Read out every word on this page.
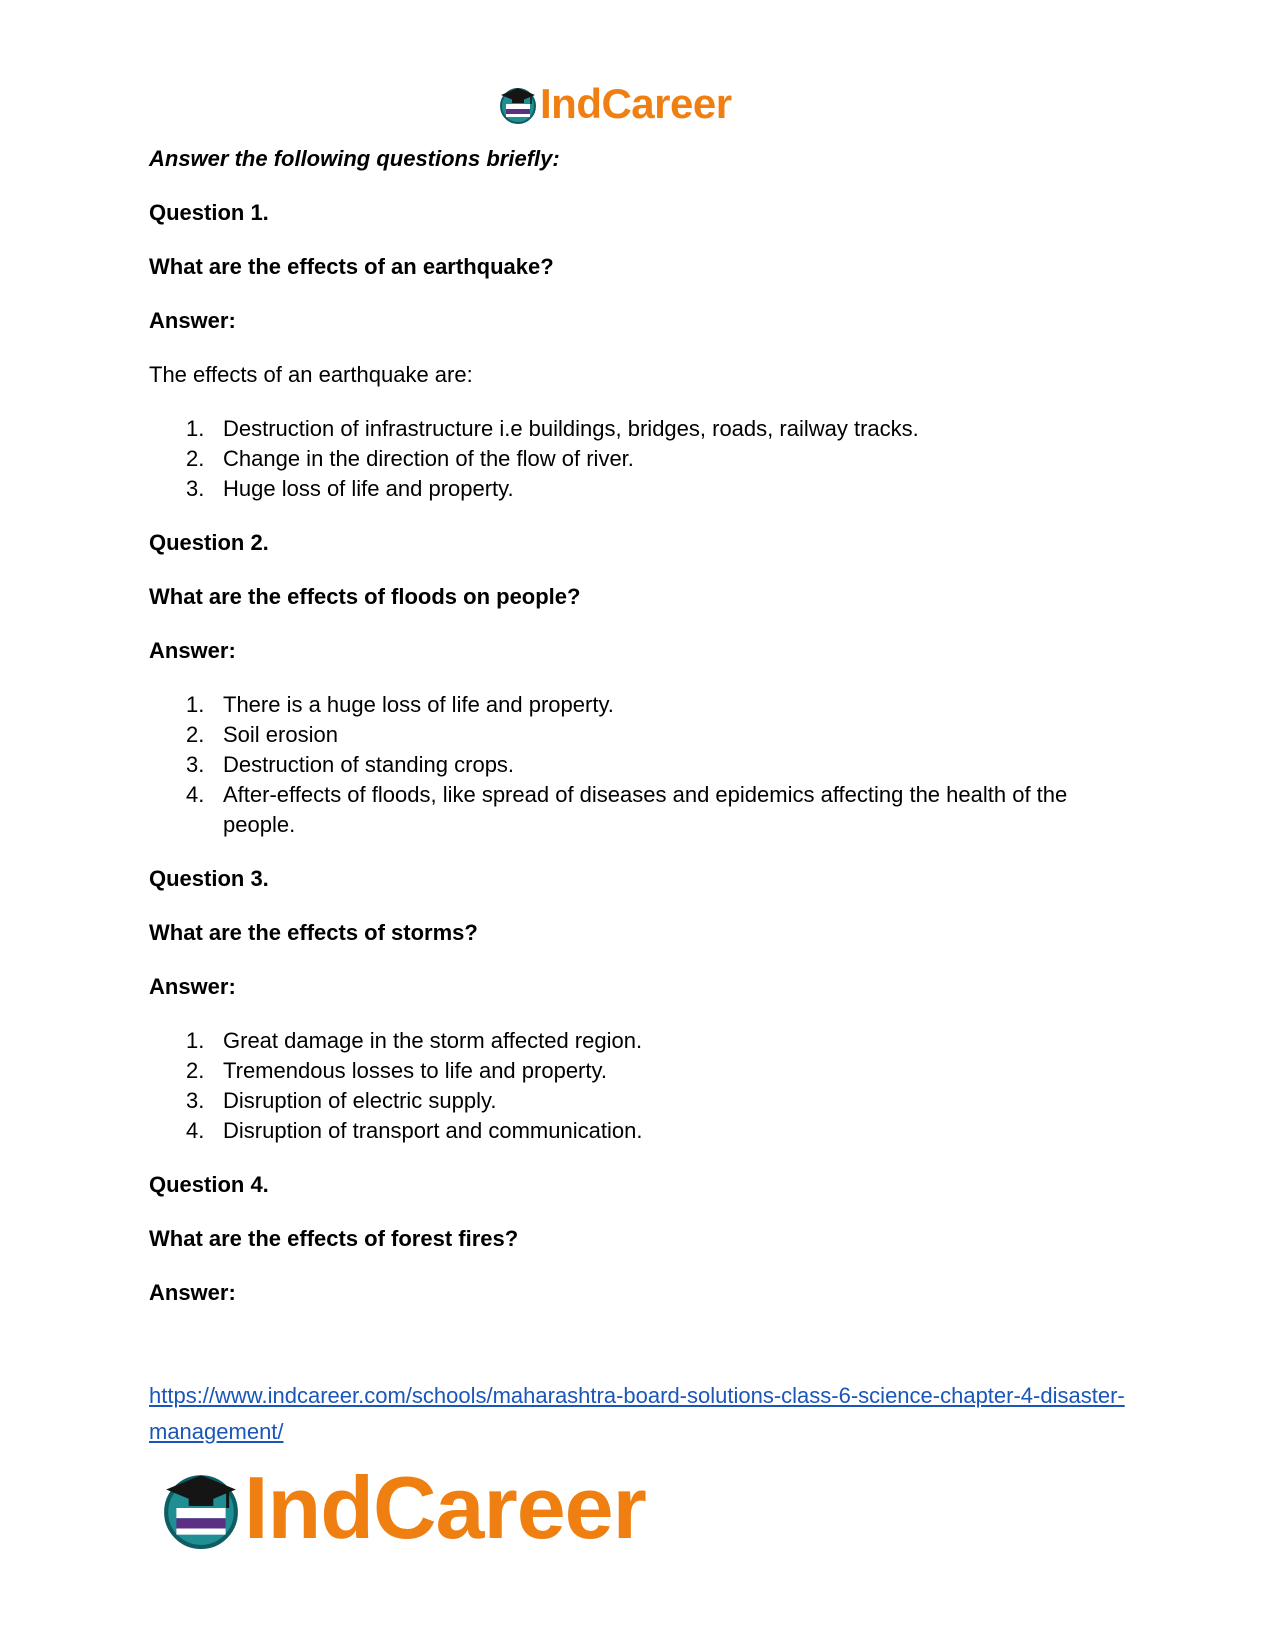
IndCareer
Answer the following questions briefly:
Question 1.
What are the effects of an earthquake?
Answer:
The effects of an earthquake are:
1. Destruction of infrastructure i.e buildings, bridges, roads, railway tracks.
2. Change in the direction of the flow of river.
3. Huge loss of life and property.
Question 2.
What are the effects of floods on people?
Answer:
1. There is a huge loss of life and property.
2. Soil erosion
3. Destruction of standing crops.
4. After-effects of floods, like spread of diseases and epidemics affecting the health of the people.
Question 3.
What are the effects of storms?
Answer:
1. Great damage in the storm affected region.
2. Tremendous losses to life and property.
3. Disruption of electric supply.
4. Disruption of transport and communication.
Question 4.
What are the effects of forest fires?
Answer:
https://www.indcareer.com/schools/maharashtra-board-solutions-class-6-science-chapter-4-disaster-management/
IndCareer
